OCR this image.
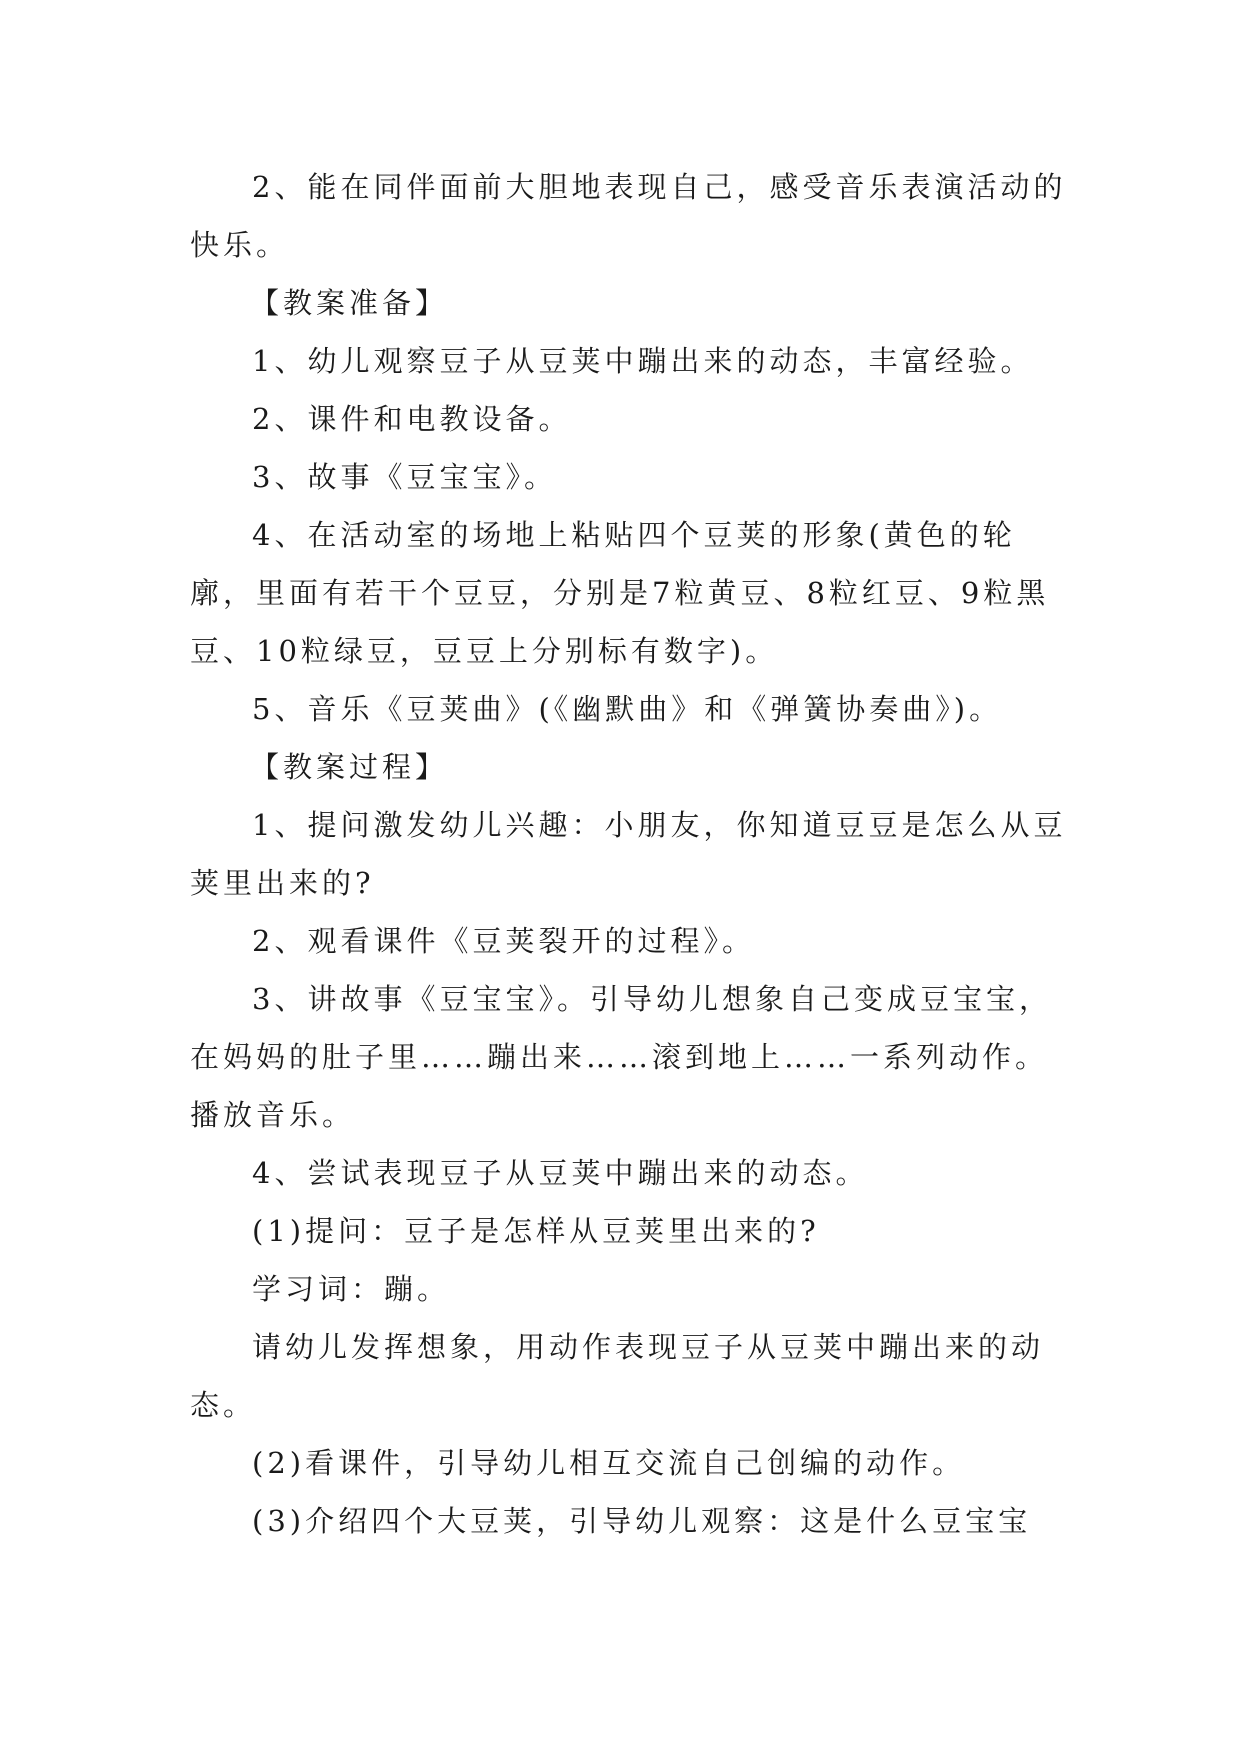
2、能在同伴面前大胆地表现自己，感受音乐表演活动的快乐。

【教案准备】

1、幼儿观察豆子从豆荚中蹦出来的动态，丰富经验。

2、课件和电教设备。

3、故事《豆宝宝》。

4、在活动室的场地上粘贴四个豆荚的形象(黄色的轮廓，里面有若干个豆豆，分别是7粒黄豆、8粒红豆、9粒黑豆、10粒绿豆，豆豆上分别标有数字)。

5、音乐《豆荚曲》(《幽默曲》和《弹簧协奏曲》)。

【教案过程】

1、提问激发幼儿兴趣：小朋友，你知道豆豆是怎么从豆荚里出来的?

2、观看课件《豆荚裂开的过程》。

3、讲故事《豆宝宝》。引导幼儿想象自己变成豆宝宝，在妈妈的肚子里……蹦出来……滚到地上……一系列动作。播放音乐。

4、尝试表现豆子从豆荚中蹦出来的动态。

(1)提问：豆子是怎样从豆荚里出来的?

学习词：蹦。

请幼儿发挥想象，用动作表现豆子从豆荚中蹦出来的动态。

(2)看课件，引导幼儿相互交流自己创编的动作。

(3)介绍四个大豆荚，引导幼儿观察：这是什么豆宝宝
